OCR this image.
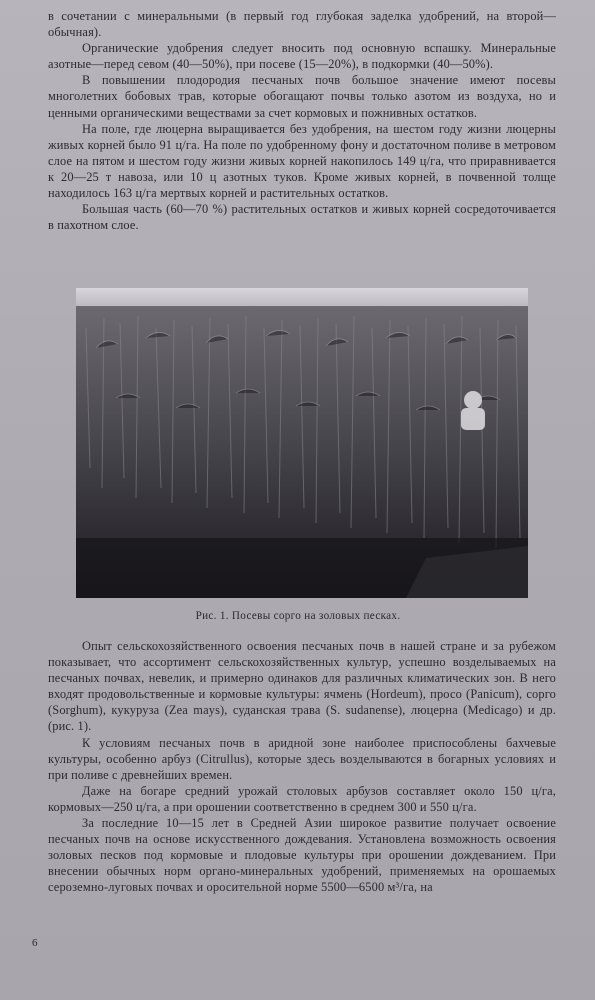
в сочетании с минеральными (в первый год глубокая заделка удобрений, на второй—обычная).

Органические удобрения следует вносить под основную вспашку. Минеральные азотные—перед севом (40—50%), при посеве (15—20%), в подкормки (40—50%).

В повышении плодородия песчаных почв большое значение имеют посевы многолетних бобовых трав, которые обогащают почвы только азотом из воздуха, но и ценными органическими веществами за счет кормовых и пожнивных остатков.

На поле, где люцерна выращивается без удобрения, на шестом году жизни люцерны живых корней было 91 ц/га. На поле по удобренному фону и достаточном поливе в метровом слое на пятом и шестом году жизни живых корней накопилось 149 ц/га, что приравнивается к 20—25 т навоза, или 10 ц азотных туков. Кроме живых корней, в почвенной толще находилось 163 ц/га мертвых корней и растительных остатков.

Большая часть (60—70 %) растительных остатков и живых корней сосредоточивается в пахотном слое.

Рис. 1. Посевы сорго на золовых песках.

Опыт сельскохозяйственного освоения песчаных почв в нашей стране и за рубежом показывает, что ассортимент сельскохозяйственных культур, успешно возделываемых на песчаных почвах, невелик, и примерно одинаков для различных климатических зон. В него входят продовольственные и кормовые культуры: ячмень (Hordeum), просо (Panicum), сорго (Sorghum), кукуруза (Zea mays), суданская трава (S. sudanense), люцерна (Medicago) и др. (рис. 1).

К условиям песчаных почв в аридной зоне наиболее приспособлены бахчевые культуры, особенно арбуз (Citrullus), которые здесь возделываются в богарных условиях и при поливе с древнейших времен.

Даже на богаре средний урожай столовых арбузов составляет около 150 ц/га, кормовых—250 ц/га, а при орошении соответственно в среднем 300 и 550 ц/га.

За последние 10—15 лет в Средней Азии широкое развитие получает освоение песчаных почв на основе искусственного дождевания. Установлена возможность освоения золовых песков под кормовые и плодовые культуры при орошении дождеванием. При внесении обычных норм органо-минеральных удобрений, применяемых на орошаемых сероземно-луговых почвах и оросительной норме 5500—6500 м³/га, на

6
